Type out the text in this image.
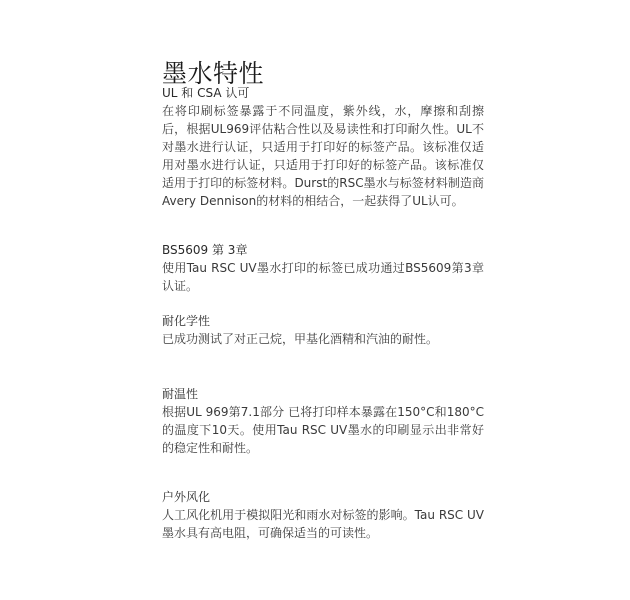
墨水特性

UL 和 CSA 认可

在将印刷标签暴露于不同温度，紫外线，水，摩擦和刮擦后，根据UL969评估粘合性以及易读性和打印耐久性。UL不对墨水进行认证，只适用于打印好的标签产品。该标准仅适用对墨水进行认证，只适用于打印好的标签产品。该标准仅适用于打印的标签材料。Durst的RSC墨水与标签材料制造商Avery Dennison的材料的相结合，一起获得了UL认可。

BS5609 第 3章

使用Tau RSC UV墨水打印的标签已成功通过BS5609第3章认证。

耐化学性

已成功测试了对正己烷，甲基化酒精和汽油的耐性。

耐温性

根据UL 969第7.1部分 已将打印样本暴露在150°C和180°C的温度下10天。使用Tau RSC UV墨水的印刷显示出非常好的稳定性和耐性。

户外风化

人工风化机用于模拟阳光和雨水对标签的影响。Tau RSC UV墨水具有高电阻，可确保适当的可读性。
